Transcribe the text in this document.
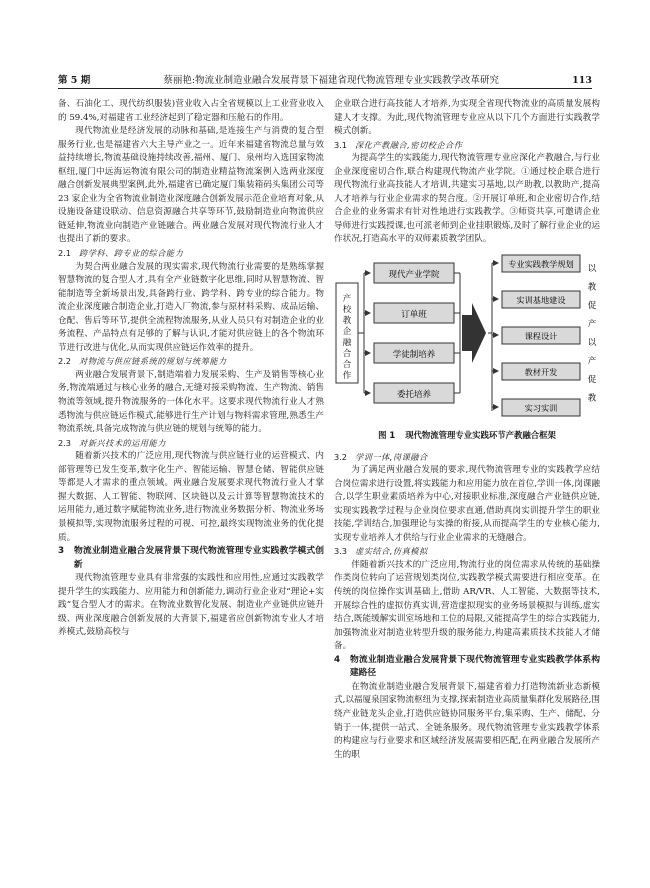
第 5 期	蔡丽艳:物流业制造业融合发展背景下福建省现代物流管理专业实践教学改革研究	113

备、石油化工、现代纺织服装)营业收入占全省规模以上工业营业收入的 59.4%,对福建省工业经济起到了稳定器和压舱石的作用。

现代物流业是经济发展的动脉和基础,是连接生产与消费的复合型服务行业,也是福建省六大主导产业之一。近年来福建省物流总量与效益持续增长,物流基础设施持续改善,福州、厦门、泉州均入选国家物流枢纽,厦门中远海运物流有限公司的制造业精益物流案例入选两业深度融合创新发展典型案例,此外,福建省已确定厦门集装箱码头集团公司等 23 家企业为全省物流业制造业深度融合创新发展示范企业培育对象,从设施设备建设联动、信息资源融合共享等环节,鼓励制造业向物流供应链延伸,物流业向制造产业链融合。两业融合发展对现代物流行业人才也提出了新的要求。

2.1 跨学科、跨专业的综合能力

为契合两业融合发展的现实需求,现代物流行业需要的是熟练掌握智慧物流的复合型人才,具有全产业链数字化思维,同时从智慧物流、智能制造等全新场景出发,具备跨行业、跨学科、跨专业的综合能力。物流企业深度融合制造企业,打造入厂物流,参与原材料采购、成品运输、仓配、售后等环节,提供全流程物流服务,从业人员只有对制造企业的业务流程、产品特点有足够的了解与认识,才能对供应链上的各个物流环节进行改进与优化,从而实现供应链运作效率的提升。

2.2 对物流与供应链系统的规划与统筹能力

两业融合发展背景下,制造端着力发展采购、生产及销售等核心业务,物流端通过与核心业务的融合,无缝对接采购物流、生产物流、销售物流等领域,提升物流服务的一体化水平。这要求现代物流行业人才熟悉物流与供应链运作模式,能够进行生产计划与物料需求管理,熟悉生产物流系统,具备完成物流与供应链的规划与统筹的能力。

2.3 对新兴技术的运用能力

随着新兴技术的广泛应用,现代物流与供应链行业的运营模式、内部管理等已发生变革,数字化生产、智能运输、智慧仓储、智能供应链等都是人才需求的重点领域。两业融合发展要求现代物流行业人才掌握大数据、人工智能、物联网、区块链以及云计算等智慧物流技术的运用能力,通过数字赋能物流业务,进行物流业务数据分析、物流业务场景模拟等,实现物流服务过程的可视、可控,最终实现物流业务的优化提质。

3 物流业制造业融合发展背景下现代物流管理专业实践教学模式创新

现代物流管理专业具有非常强的实践性和应用性,应通过实践教学提升学生的实践能力、应用能力和创新能力,调动行业企业对“理论+实践”复合型人才的需求。在物流业数智化发展、制造业产业链供应链升级、两业深度融合创新发展的大背景下,福建省应创新物流专业人才培养模式,鼓励高校与

企业联合进行高技能人才培养,为实现全省现代物流业的高质量发展构建人才支撑。为此,现代物流管理专业应从以下几个方面进行实践教学模式创新。

3.1 深化产教融合,密切校企合作

为提高学生的实践能力,现代物流管理专业应深化产教融合,与行业企业深度密切合作,联合构建现代物流产业学院。①通过校企联合进行现代物流行业高技能人才培训,共建实习基地,以产助教,以教助产,提高人才培养与行业企业需求的契合度。②开展订单班,和企业密切合作,结合企业的业务需求有针对性地进行实践教学。③师资共享,可邀请企业导师进行实践授课,也可派老师到企业挂职锻炼,及时了解行业企业的运作状况,打造高水平的双师素质教学团队。

产
校
教
企
融
合
合
作
现代产业学院
订单班
学徒制培养
委托培养
专业实践教学规划
实训基地建设
课程设计
教材开发
实习实训
以
教
促
产
以
产
促
教
图 1 现代物流管理专业实践环节产教融合框架
3.2 学训一体,岗课融合

为了满足两业融合发展的要求,现代物流管理专业的实践教学应结合岗位需求进行设置,将实践能力和应用能力放在首位,学训一体,岗课融合,以学生职业素质培养为中心,对接职业标准,深度融合产业链供应链,实现实践教学过程与企业岗位要求直通,借助真岗实训提升学生的职业技能,学训结合,加强理论与实操的衔接,从而提高学生的专业核心能力,实现专业培养人才供给与行业企业需求的无缝融合。

3.3 虚实结合,仿真模拟

伴随着新兴技术的广泛应用,物流行业的岗位需求从传统的基础操作类岗位转向了运营规划类岗位,实践教学模式需要进行相应变革。在传统的岗位操作实训基础上,借助 AR/VR、人工智能、大数据等技术,开展综合性的虚拟仿真实训,营造虚拟现实的业务场景模拟与训练,虚实结合,既能缓解实训室场地和工位的局限,又能提高学生的综合实践能力,加强物流业对制造业转型升级的服务能力,构建高素质技术技能人才储备。

4 物流业制造业融合发展背景下现代物流管理专业实践教学体系构建路径

在物流业制造业融合发展背景下,福建省着力打造物流新业态新模式,以福厦泉国家物流枢纽为支撑,探索制造业高质量集群化发展路径,围绕产业链龙头企业,打造供应链协同服务平台,集采购、生产、储配、分销于一体,提供一站式、全链条服务。现代物流管理专业实践教学体系的构建应与行业要求和区域经济发展需要相匹配,在两业融合发展所产生的职
